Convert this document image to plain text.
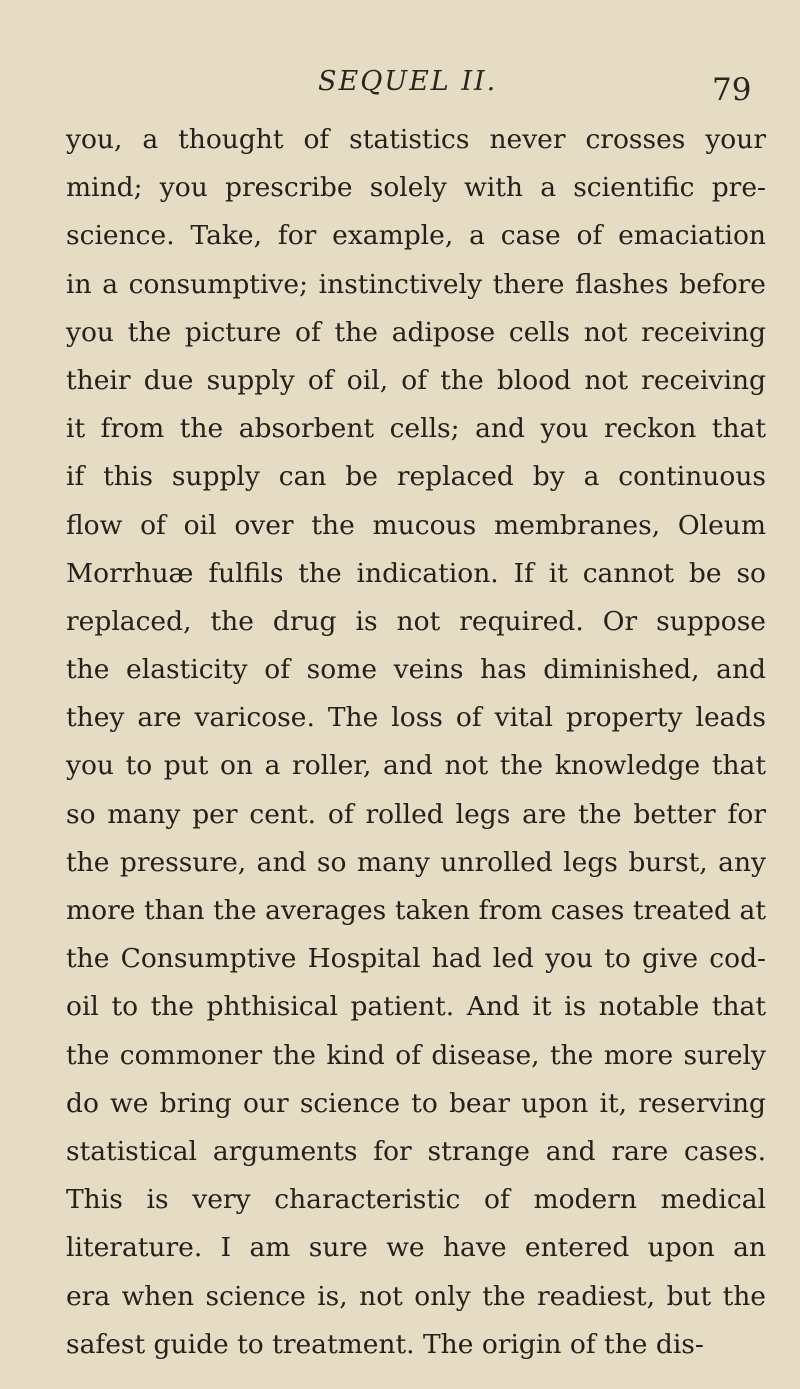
SEQUEL II.	79
you, a thought of statistics never crosses your
mind; you prescribe solely with a scientific pre-
science. Take, for example, a case of emaciation
in a consumptive; instinctively there flashes before
you the picture of the adipose cells not receiving
their due supply of oil, of the blood not receiving
it from the absorbent cells; and you reckon that
if this supply can be replaced by a continuous
flow of oil over the mucous membranes, Oleum
Morrhuæ fulfils the indication. If it cannot be so
replaced, the drug is not required. Or suppose
the elasticity of some veins has diminished, and
they are varicose. The loss of vital property leads
you to put on a roller, and not the knowledge that
so many per cent. of rolled legs are the better for
the pressure, and so many unrolled legs burst, any
more than the averages taken from cases treated at
the Consumptive Hospital had led you to give cod-
oil to the phthisical patient. And it is notable that
the commoner the kind of disease, the more surely
do we bring our science to bear upon it, reserving
statistical arguments for strange and rare cases.
This is very characteristic of modern medical
literature. I am sure we have entered upon an
era when science is, not only the readiest, but the
safest guide to treatment. The origin of the dis-
